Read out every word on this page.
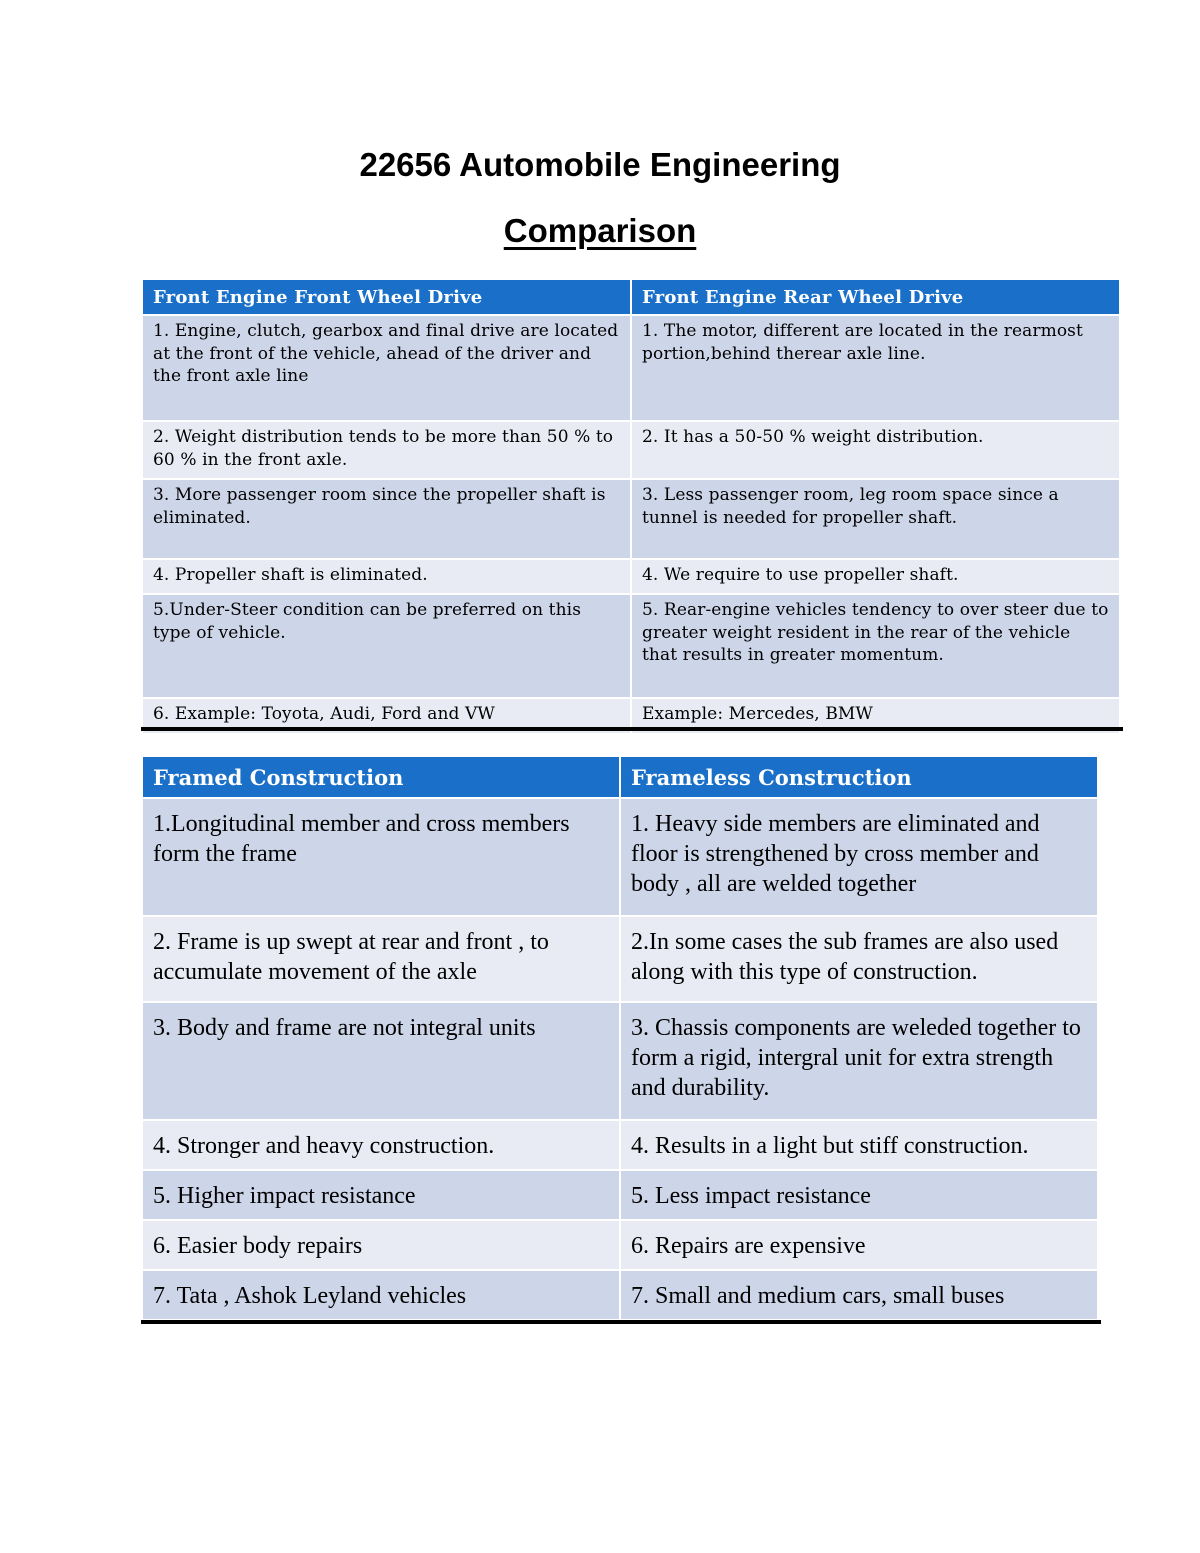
22656 Automobile Engineering
Comparison
Front Engine Front Wheel Drive	Front Engine Rear Wheel Drive
1. Engine, clutch, gearbox and final drive are located at the front of the vehicle, ahead of the driver and the front axle line	1. The motor, different are located in the rearmost portion,behind therear axle line.
2. Weight distribution tends to be more than 50 % to 60 % in the front axle.	2. It has a 50-50 % weight distribution.
3. More passenger room since the propeller shaft is eliminated.	3. Less passenger room, leg room space since a tunnel is needed for propeller shaft.
4. Propeller shaft is eliminated.	4. We require to use propeller shaft.
5.Under-Steer condition can be preferred on this type of vehicle.	5. Rear-engine vehicles tendency to over steer due to greater weight resident in the rear of the vehicle that results in greater momentum.
6. Example: Toyota, Audi, Ford and VW	Example: Mercedes, BMW
Framed Construction	Frameless Construction
1.Longitudinal member and cross members form the frame	1. Heavy side members are eliminated and floor is strengthened by cross member and body , all are welded together
2. Frame is up swept at rear and front , to accumulate movement of the axle	2.In some cases the sub frames are also used along with this type of construction.
3. Body and frame are not integral units	3. Chassis components are weleded together to form a rigid, intergral unit for extra strength and durability.
4. Stronger and heavy construction.	4. Results in a light but stiff construction.
5. Higher impact resistance	5. Less impact resistance
6. Easier body repairs	6. Repairs are expensive
7. Tata , Ashok Leyland vehicles	7. Small and medium cars, small buses
